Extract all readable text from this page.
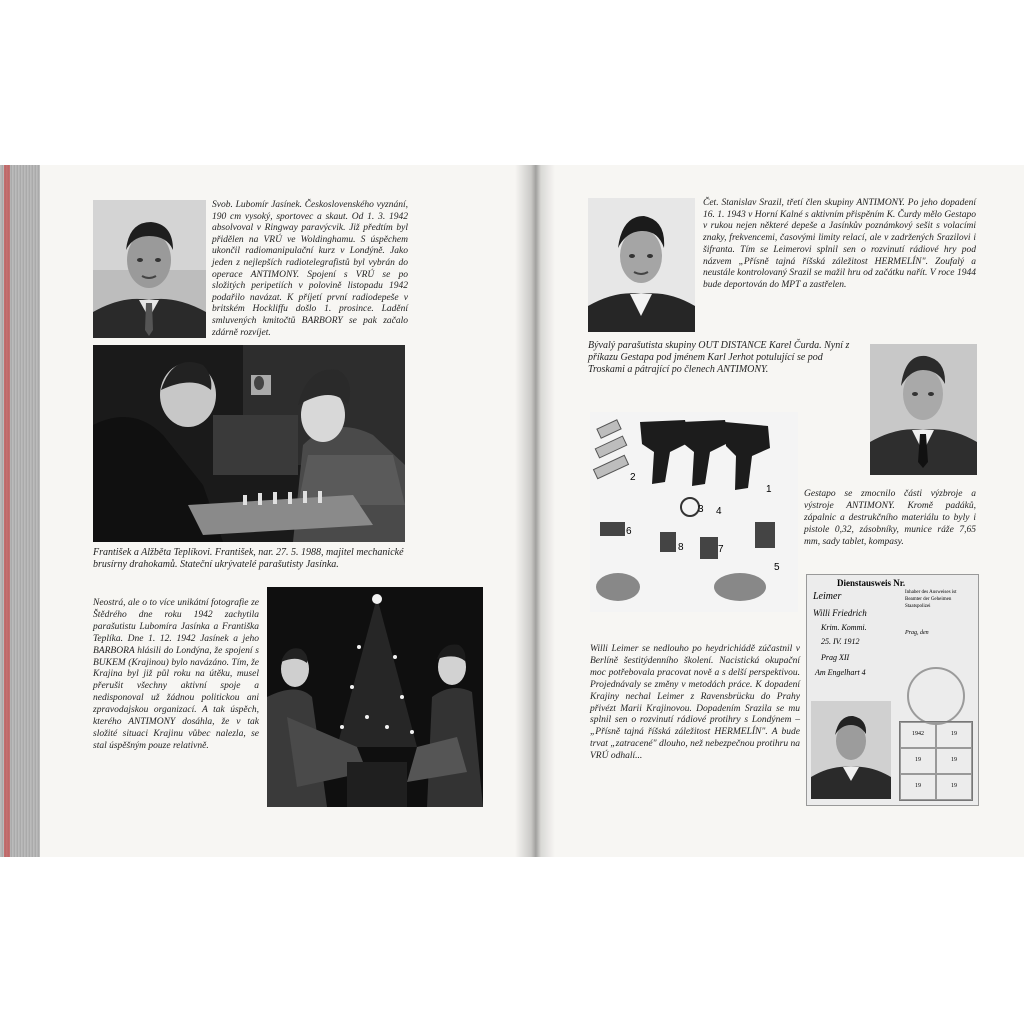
Svob. Lubomír Jasínek. Československého vyznání, 190 cm vysoký, sportovec a skaut. Od 1. 3. 1942 absolvoval v Ringway paravýcvik. Již předtím byl přidělen na VRÚ ve Woldinghamu. S úspěchem ukončil radiomanipulační kurz v Londýně. Jako jeden z nejlepších radiotelegrafistů byl vybrán do operace ANTIMONY. Spojení s VRÚ se po složitých peripetiích v polovině listopadu 1942 podařilo navázat. K příjetí první radiodepeše v britském Hockliffu došlo 1. prosince. Ladění smluvených kmitočtů BARBORY se pak začalo zdárně rozvíjet.
František a Alžběta Teplíkovi. František, nar. 27. 5. 1988, majitel mechanické brusírny drahokamů. Stateční ukrývatelé parašutisty Jasínka.
Neostrá, ale o to více unikátní fotografie ze Štědrého dne roku 1942 zachytila parašutistu Lubomíra Jasínka a Františka Teplíka. Dne 1. 12. 1942 Jasínek a jeho BARBORA hlásili do Londýna, že spojení s BUKEM (Krajinou) bylo navázáno. Tím, že Krajina byl již půl roku na útěku, musel přerušit všechny aktivní spoje a nedisponoval už žádnou politickou ani zpravodajskou organizací. A tak úspěch, kterého ANTIMONY dosáhla, že v tak složité situaci Krajinu vůbec nalezla, se stal úspěšným pouze relativně.
Čet. Stanislav Srazil, třetí člen skupiny ANTIMONY. Po jeho dopadení 16. 1. 1943 v Horní Kalné s aktivním přispěním K. Čurdy mělo Gestapo v rukou nejen některé depeše a Jasínkův poznámkový sešit s volacími znaky, frekvencemi, časovými limity relací, ale v zadržených Srazilovi i šifranta. Tím se Leimerovi splnil sen o rozvinutí rádiové hry pod názvem „Přísně tajná říšská záležitost HERMELÍN". Zoufalý a neustále kontrolovaný Srazil se mažil hru od začátku nařít. V roce 1944 bude deportován do MPT a zastřelen.
Bývalý parašutista skupiny OUT DISTANCE Karel Čurda. Nyní z příkazu Gestapa pod jménem Karl Jerhot potulující se pod Troskami a pátrající po členech ANTIMONY.
2
1
3 4
6
7
5
8
Gestapo se zmocnilo části výzbroje a výstroje ANTIMONY. Kromě padáků, zápalnic a destrukčního materiálu to byly i pistole 0,32, zásobníky, munice ráže 7,65 mm, sady tablet, kompasy.
Willi Leimer se nedlouho po heydrichiádě zúčastnil v Berlíně šestitýdenního školení. Nacistická okupační moc potřebovala pracovat nově a s delší perspektivou. Projednávaly se změny v metodách práce. K dopadení Krajiny nechal Leimer z Ravensbrücku do Prahy přivézt Marii Krajinovou. Dopadením Srazila se mu splnil sen o rozvinutí rádiové protihry s Londýnem – „Přísně tajná říšská záležitost HERMELÍN". A bude trvat „zatracené" dlouho, než nebezpečnou protihru na VRÚ odhalí...
Dienstausweis Nr.
Leimer
Willi Friedrich
Krim. Kommi.
25. IV. 1912
Prag XII
Am Engelhart 4
Inhaber des Ausweises ist Beamter der Geheimen Staatspolizei
Prag, den
1942	19
19	19
19	19
